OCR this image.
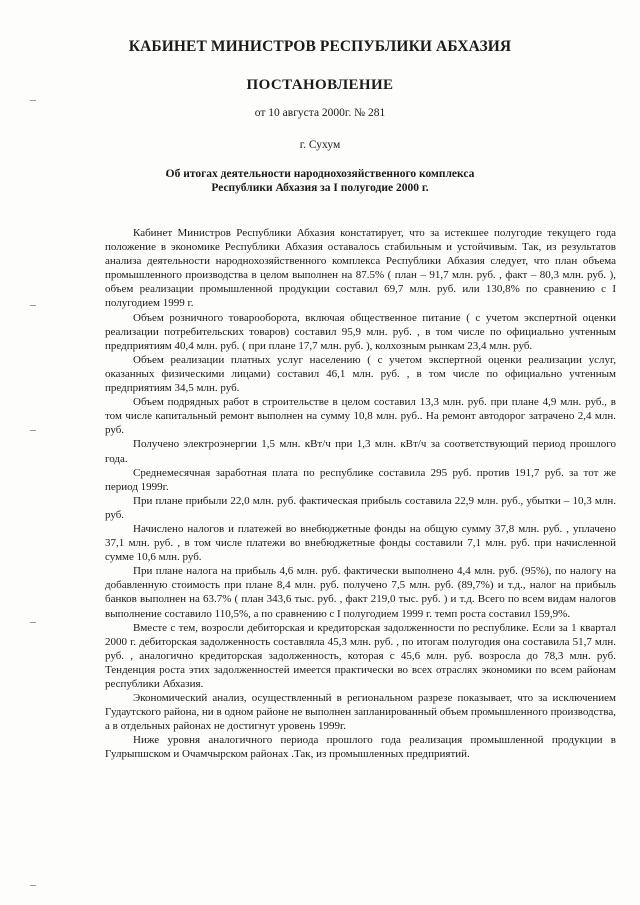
КАБИНЕТ МИНИСТРОВ РЕСПУБЛИКИ АБХАЗИЯ
ПОСТАНОВЛЕНИЕ
от 10 августа 2000г. № 281
г. Сухум
Об итогах деятельности народнохозяйственного комплекса
Республики Абхазия за I полугодие 2000 г.

Кабинет Министров Республики Абхазия констатирует, что за истекшее полугодие текущего года положение в экономике Республики Абхазия оставалось стабильным и устойчивым. Так, из результатов анализа деятельности народнохозяйственного комплекса Республики Абхазия следует, что план объема промышленного производства в целом выполнен на 87.5% ( план – 91,7 млн. руб. , факт – 80,3 млн. руб. ), объем реализации промышленной продукции составил 69,7 млн. руб. или 130,8% по сравнению с I полугодием 1999 г.

Объем розничного товарооборота, включая общественное питание ( с учетом экспертной оценки реализации потребительских товаров) составил 95,9 млн. руб. , в том числе по официально учтенным предприятиям 40,4 млн. руб. ( при плане 17,7 млн. руб. ), колхозным рынкам 23,4 млн. руб.

Объем реализации платных услуг населению ( с учетом экспертной оценки реализации услуг, оказанных физическими лицами) составил 46,1 млн. руб. , в том числе по официально учтенным предприятиям 34,5 млн. руб.

Объем подрядных работ в строительстве в целом составил 13,3 млн. руб. при плане 4,9 млн. руб., в том числе капитальный ремонт выполнен на сумму 10,8 млн. руб.. На ремонт автодорог затрачено 2,4 млн. руб.

Получено электроэнергии 1,5 млн. кВт/ч при 1,3 млн. кВт/ч за соответствующий период прошлого года.

Среднемесячная заработная плата по республике составила 295 руб. против 191,7 руб. за тот же период 1999г.

При плане прибыли 22,0 млн. руб. фактическая прибыль составила 22,9 млн. руб., убытки – 10,3 млн. руб.

Начислено налогов и платежей во внебюджетные фонды на общую сумму 37,8 млн. руб. , уплачено 37,1 млн. руб. , в том числе платежи во внебюджетные фонды составили 7,1 млн. руб. при начисленной сумме 10,6 млн. руб.

При плане налога на прибыль 4,6 млн. руб. фактически выполнено 4,4 млн. руб. (95%), по налогу на добавленную стоимость при плане 8,4 млн. руб. получено 7,5 млн. руб. (89,7%) и т.д., налог на прибыль банков выполнен на 63.7% ( план 343,6 тыс. руб. , факт 219,0 тыс. руб. ) и т.д. Всего по всем видам налогов выполнение составило 110,5%, а по сравнению с I полугодием 1999 г. темп роста составил 159,9%.

Вместе с тем, возросли дебиторская и кредиторская задолженности по республике. Если за 1 квартал 2000 г. дебиторская задолженность составляла 45,3 млн. руб. , по итогам полугодия она составила 51,7 млн. руб. , аналогично кредиторская задолженность, которая с 45,6 млн. руб. возросла до 78,3 млн. руб. Тенденция роста этих задолженностей имеется практически во всех отраслях экономики по всем районам республики Абхазия.

Экономический анализ, осуществленный в региональном разрезе показывает, что за исключением Гудаутского района, ни в одном районе не выполнен запланированный объем промышленного производства, а в отдельных районах не достигнут уровень 1999г.

Ниже уровня аналогичного периода прошлого года реализация промышленной продукции в Гулрыпшском и Очамчырском районах .Так, из промышленных предприятий.
